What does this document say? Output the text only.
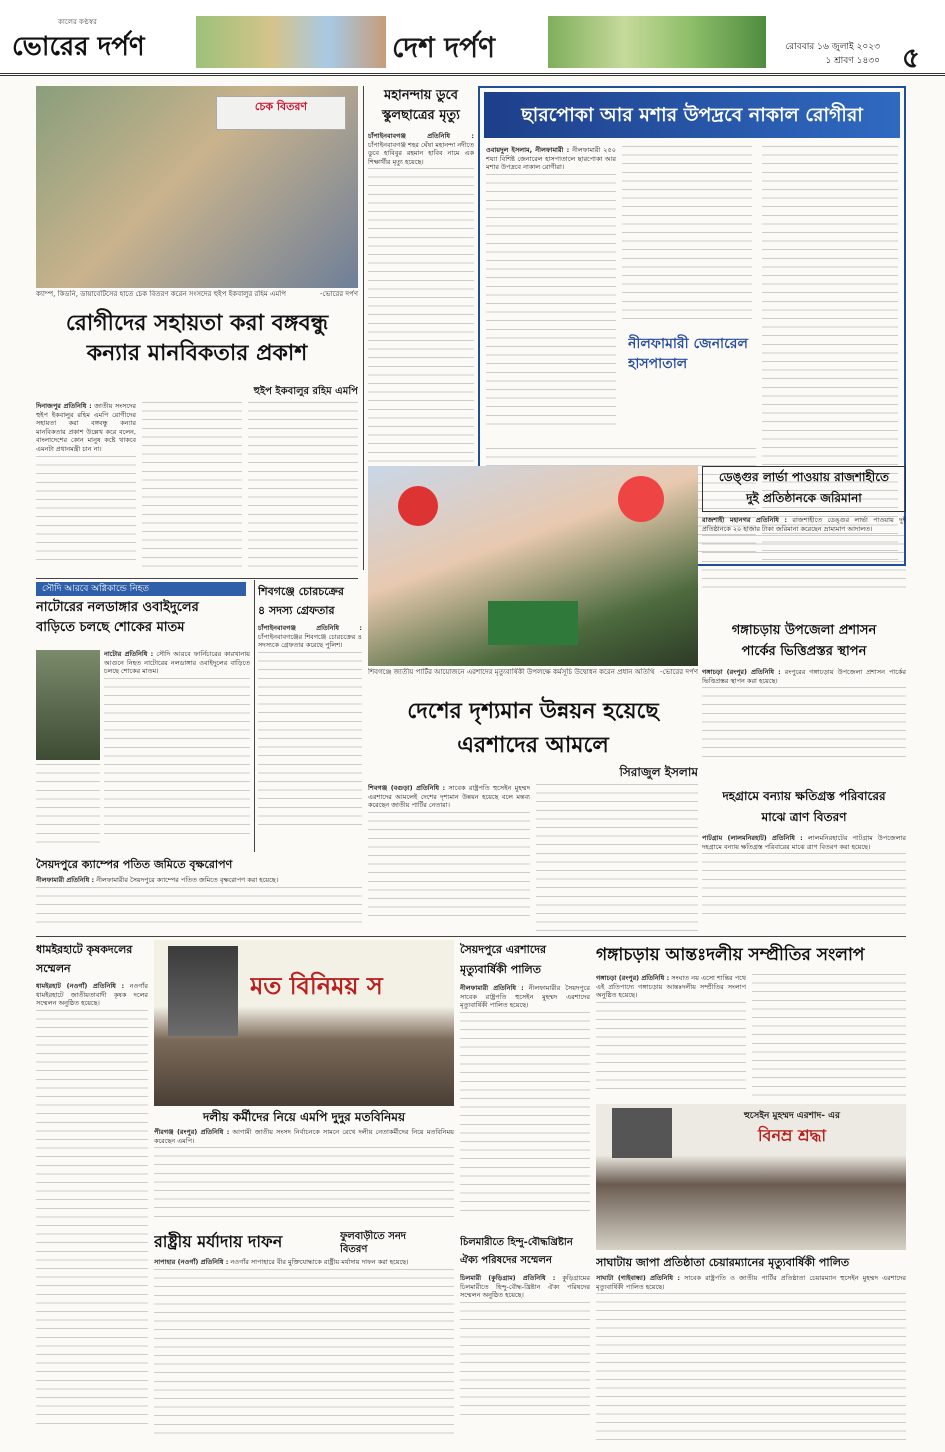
কালের কণ্ঠস্বর
ভোরের দর্পণ	দেশ দর্পণ	রোববার ১৬ জুলাই ২০২৩
১ শ্রাবণ ১৪৩০ ৫
চেক বিতরণ
ক্যাম্প, কিডনি, ডায়াবেটিসের হাতে চেক বিতরণ করেন সংসদের হুইপ ইকবালুর রহিম এমপি	-ভোরের দর্পণ
রোগীদের সহায়তা করা বঙ্গবন্ধু
কন্যার মানবিকতার প্রকাশ
হুইপ ইকবালুর রহিম এমপি
দিনাজপুর প্রতিনিধি : জাতীয় সংসদের হুইপ ইকবালুর রহিম এমপি রোগীদের সহায়তা করা বঙ্গবন্ধু কন্যার মানবিকতার প্রকাশ উল্লেখ করে বলেন, বাংলাদেশের কোন মানুষ কষ্টে থাকবে এমনটা প্রধানমন্ত্রী চান না।
মহানন্দায় ডুবে
স্কুলছাত্রের মৃত্যু
চাঁপাইনবাবগঞ্জ প্রতিনিধি : চাঁপাইনবাবগঞ্জ শহর ঘেঁষা মহানন্দা নদীতে ডুবে হাবিবুর রহমান হাবিব নামে এক শিক্ষার্থীর মৃত্যু হয়েছে।
ছারপোকা আর মশার উপদ্রবে নাকাল রোগীরা
ওবায়দুল ইসলাম, নীলফামারী : নীলফামারী ২৫০ শয্যা বিশিষ্ট জেনারেল হাসপাতালে ছারপোকা আর মশার উপদ্রবে নাকাল রোগীরা।
নীলফামারী জেনারেল
হাসপাতাল
শিবগঞ্জে জাতীয় পার্টির আয়োজনে এরশাদের মৃত্যুবার্ষিকী উপলক্ষে কর্মসূচি উদ্বোধন করেন প্রধান অতিথি -ভোরের দর্পণ
ডেঙ্গুর লার্ভা পাওয়ায় রাজশাহীতে
দুই প্রতিষ্ঠানকে জরিমানা
রাজশাহী মহানগর প্রতিনিধি : রাজশাহীতে ডেঙ্গুর লার্ভা পাওয়ায় দুই প্রতিষ্ঠানকে ২০ হাজার টাকা জরিমানা করেছেন ভ্রাম্যমাণ আদালত।
গঙ্গাচড়ায় উপজেলা প্রশাসন
পার্কের ভিত্তিপ্রস্তর স্থাপন
গঙ্গাচড়া (রংপুর) প্রতিনিধি : রংপুরের গঙ্গাচড়ায় উপজেলা প্রশাসন পার্কের ভিত্তিপ্রস্তর স্থাপন করা হয়েছে।
সৌদি আরবে অগ্নিকান্ডে নিহত
নাটোরের নলডাঙ্গার ওবাইদুলের
বাড়িতে চলছে শোকের মাতম
নাটোর প্রতিনিধি : সৌদি আরবে ফার্নিচারের কারখানায় আগুনে নিহত নাটোরের নলডাঙ্গার ওবাইদুলের বাড়িতে চলছে শোকের মাতম।
শিবগঞ্জে চোরচক্রের
৪ সদস্য গ্রেফতার
চাঁপাইনবাবগঞ্জ প্রতিনিধি : চাঁপাইনবাবগঞ্জের শিবগঞ্জে চোরচক্রের ৪ সদস্যকে গ্রেফতার করেছে পুলিশ।
দেশের দৃশ্যমান উন্নয়ন হয়েছে
এরশাদের আমলে
সিরাজুল ইসলাম
শিবগঞ্জ (বগুড়া) প্রতিনিধি : সাবেক রাষ্ট্রপতি হুসেইন মুহম্মদ এরশাদের আমলেই দেশের দৃশ্যমান উন্নয়ন হয়েছে বলে মন্তব্য করেছেন জাতীয় পার্টির নেতারা।
দহগ্রামে বন্যায় ক্ষতিগ্রস্ত পরিবারের
মাঝে ত্রাণ বিতরণ
পাটগ্রাম (লালমনিরহাট) প্রতিনিধি : লালমনিরহাটের পাটগ্রাম উপজেলার দহগ্রামে বন্যায় ক্ষতিগ্রস্ত পরিবারের মাঝে ত্রাণ বিতরণ করা হয়েছে।
সৈয়দপুরে ক্যাম্পের পতিত জমিতে বৃক্ষরোপণ
নীলফামারী প্রতিনিধি : নীলফামারীর সৈয়দপুরে ক্যাম্পের পতিত জমিতে বৃক্ষরোপণ করা হয়েছে।
ধামইরহাটে কৃষকদলের
সম্মেলন
ধামইরহাট (নওগাঁ) প্রতিনিধি : নওগাঁর ধামইরহাটে জাতীয়তাবাদী কৃষক দলের সম্মেলন অনুষ্ঠিত হয়েছে।
মত বিনিময় স
দলীয় কর্মীদের নিয়ে এমপি দুদুর মতবিনিময়
পীরগঞ্জ (রংপুর) প্রতিনিধি : আগামী জাতীয় সংসদ নির্বাচনকে সামনে রেখে দলীয় নেতাকর্মীদের নিয়ে মতবিনিময় করেছেন এমপি।
সৈয়দপুরে এরশাদের
মৃত্যুবার্ষিকী পালিত
নীলফামারী প্রতিনিধি : নীলফামারীর সৈয়দপুরে সাবেক রাষ্ট্রপতি হুসেইন মুহম্মদ এরশাদের মৃত্যুবার্ষিকী পালিত হয়েছে।
গঙ্গাচড়ায় আন্তঃদলীয় সম্প্রীতির সংলাপ
গঙ্গাচড়া (রংপুর) প্রতিনিধি : সংঘাত নয় এসো শান্তির পথে এই প্রতিপাদ্যে গঙ্গাচড়ায় আন্তঃদলীয় সম্প্রীতির সংলাপ অনুষ্ঠিত হয়েছে।
হুসেইন মুহম্মদ এরশাদ- এর
বিনম্র শ্রদ্ধা
সাঘাটায় জাপা প্রতিষ্ঠাতা চেয়ারম্যানের মৃত্যুবার্ষিকী পালিত
সাঘাটা (গাইবান্ধা) প্রতিনিধি : সাবেক রাষ্ট্রপতি ও জাতীয় পার্টির প্রতিষ্ঠাতা চেয়ারম্যান হুসেইন মুহম্মদ এরশাদের মৃত্যুবার্ষিকী পালিত হয়েছে।
রাষ্ট্রীয় মর্যাদায় দাফন
সাপাহার (নওগাঁ) প্রতিনিধি : নওগাঁর সাপাহারে বীর মুক্তিযোদ্ধাকে রাষ্ট্রীয় মর্যাদায় দাফন করা হয়েছে।
ফুলবাড়ীতে সনদ
বিতরণ
চিলমারীতে হিন্দু-বৌদ্ধখ্রিষ্টান
ঐক্য পরিষদের সম্মেলন
চিলমারী (কুড়িগ্রাম) প্রতিনিধি : কুড়িগ্রামের চিলমারীতে হিন্দু-বৌদ্ধ-খ্রিষ্টান ঐক্য পরিষদের সম্মেলন অনুষ্ঠিত হয়েছে।
